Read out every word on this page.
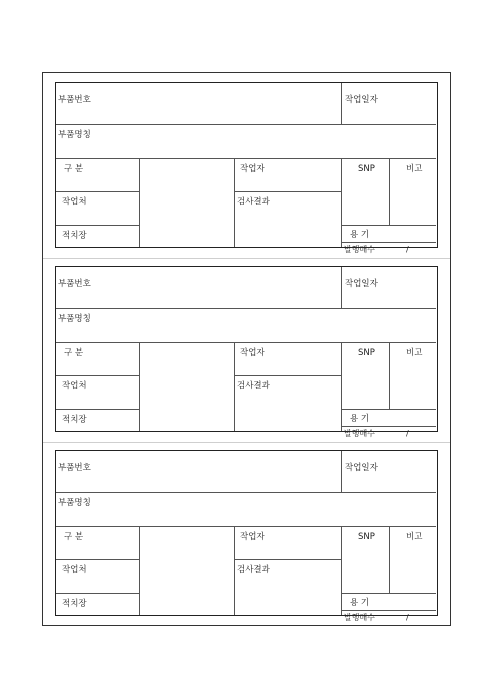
부품번호	작업일자
부품명칭
구 분	작업자	SNP	비고
작업처	검사결과
적치장	용 기
발행매수	/
부품번호	작업일자
부품명칭
구 분	작업자	SNP	비고
작업처	검사결과
적치장	용 기
발행매수	/
부품번호	작업일자
부품명칭
구 분	작업자	SNP	비고
작업처	검사결과
적치장	용 기
발행매수	/
